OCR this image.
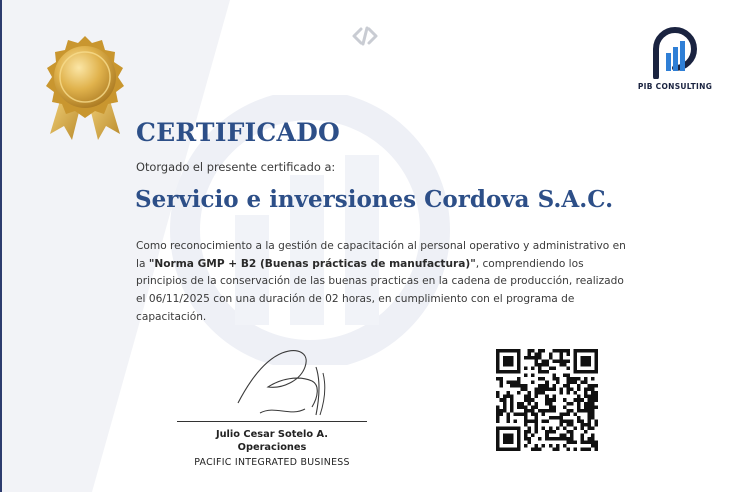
PIB CONSULTING
CERTIFICADO
Otorgado el presente certificado a:
Servicio e inversiones Cordova S.A.C.
Como reconocimiento a la gestión de capacitación al personal operativo y administrativo en la "Norma GMP + B2 (Buenas prácticas de manufactura)", comprendiendo los principios de la conservación de las buenas practicas en la cadena de producción, realizado el 06/11/2025 con una duración de 02 horas, en cumplimiento con el programa de capacitación.
Julio Cesar Sotelo A.
Operaciones
PACIFIC INTEGRATED BUSINESS
